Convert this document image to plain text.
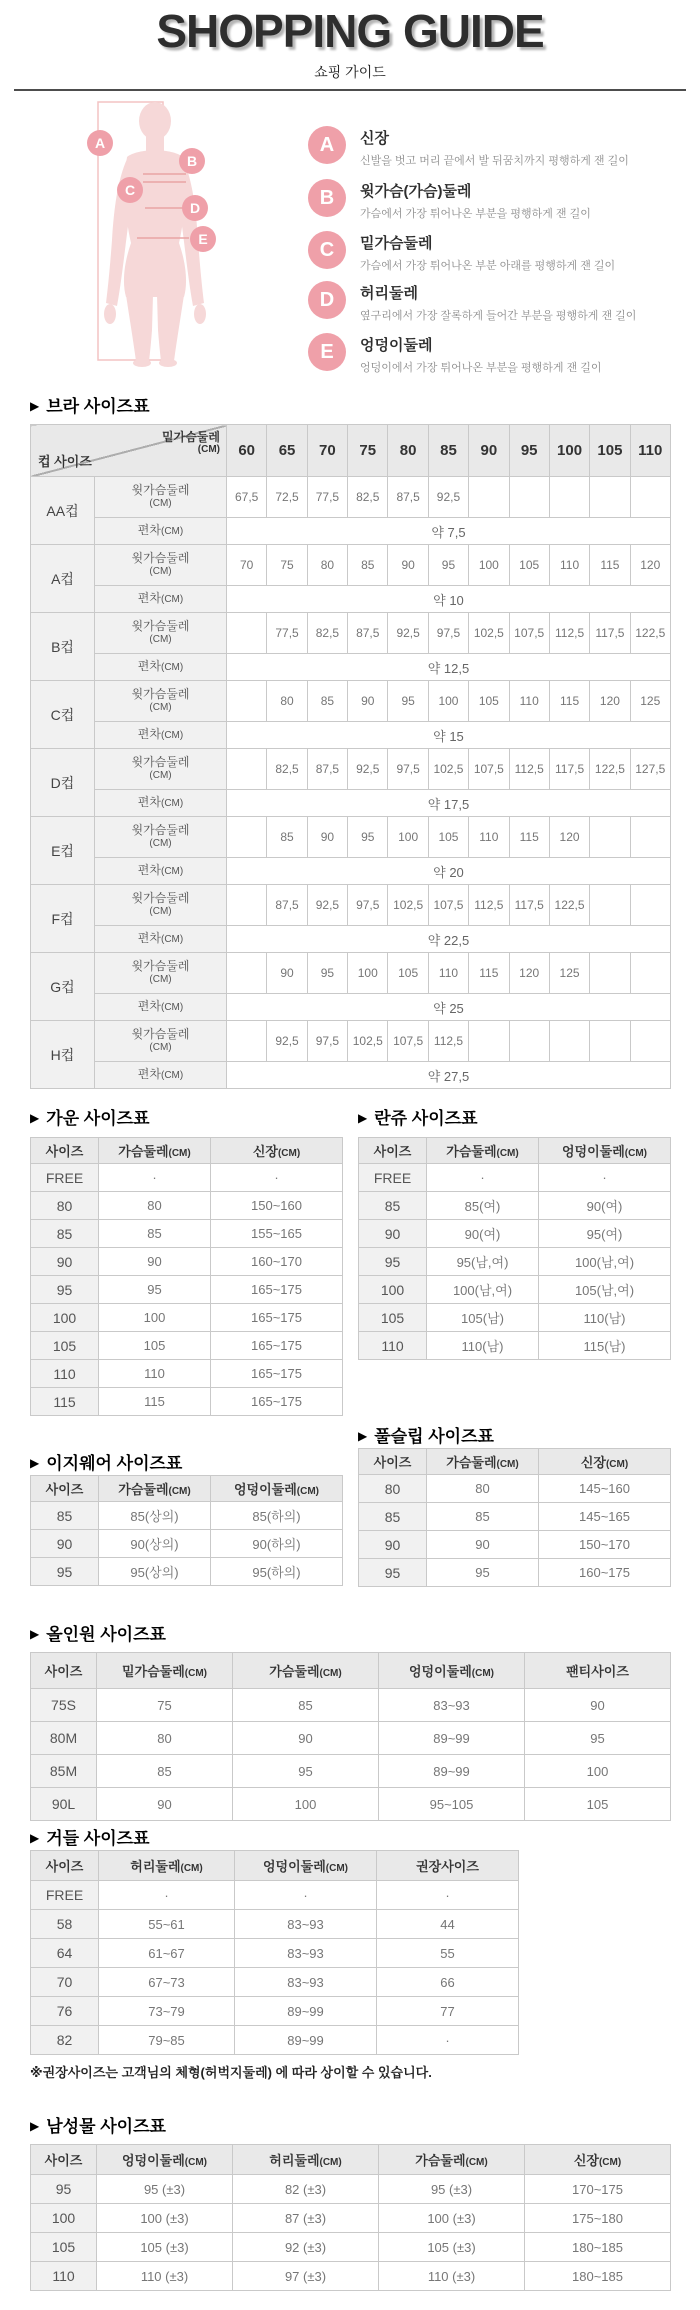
SHOPPING GUIDE
쇼핑 가이드
A
B
C
D
E
A	신장
신발을 벗고 머리 끝에서 발 뒤꿈치까지 평행하게 잰 길이
B	윗가슴(가슴)둘레
가슴에서 가장 튀어나온 부분을 평행하게 잰 길이
C	밑가슴둘레
가슴에서 가장 튀어나온 부분 아래를 평행하게 잰 길이
D	허리둘레
옆구리에서 가장 잘록하게 들어간 부분을 평행하게 잰 길이
E	엉덩이둘레
엉덩이에서 가장 튀어나온 부분을 평행하게 잰 길이
▶ 브라 사이즈표
밑가슴둘레
(CM)
컵 사이즈		60	65	70	75	80	85	90	95	100	105	110
AA컵	윗가슴둘레
(CM)	67,5	72,5	77,5	82,5	87,5	92,5					
	편차(CM)	약 7,5										
A컵	윗가슴둘레
(CM)	70	75	80	85	90	95	100	105	110	115	120
	편차(CM)	약 10										
B컵	윗가슴둘레
(CM)		77,5	82,5	87,5	92,5	97,5	102,5	107,5	112,5	117,5	122,5
	편차(CM)	약 12,5										
C컵	윗가슴둘레
(CM)		80	85	90	95	100	105	110	115	120	125
	편차(CM)	약 15										
D컵	윗가슴둘레
(CM)		82,5	87,5	92,5	97,5	102,5	107,5	112,5	117,5	122,5	127,5
	편차(CM)	약 17,5										
E컵	윗가슴둘레
(CM)		85	90	95	100	105	110	115	120		
	편차(CM)	약 20										
F컵	윗가슴둘레
(CM)		87,5	92,5	97,5	102,5	107,5	112,5	117,5	122,5		
	편차(CM)	약 22,5										
G컵	윗가슴둘레
(CM)		90	95	100	105	110	115	120	125		
	편차(CM)	약 25										
H컵	윗가슴둘레
(CM)		92,5	97,5	102,5	107,5	112,5					
	편차(CM)	약 27,5										
▶ 가운 사이즈표
사이즈	가슴둘레(CM)	신장(CM)
FREE	·	·
80	80	150~160
85	85	155~165
90	90	160~170
95	95	165~175
100	100	165~175
105	105	165~175
110	110	165~175
115	115	165~175
▶ 란쥬 사이즈표
사이즈	가슴둘레(CM)	엉덩이둘레(CM)
FREE	·	·
85	85(여)	90(여)
90	90(여)	95(여)
95	95(남,여)	100(남,여)
100	100(남,여)	105(남,여)
105	105(남)	110(남)
110	110(남)	115(남)
▶ 풀슬립 사이즈표
사이즈	가슴둘레(CM)	신장(CM)
80	80	145~160
85	85	145~165
90	90	150~170
95	95	160~175
▶ 이지웨어 사이즈표
사이즈	가슴둘레(CM)	엉덩이둘레(CM)
85	85(상의)	85(하의)
90	90(상의)	90(하의)
95	95(상의)	95(하의)
▶ 올인원 사이즈표
사이즈	밑가슴둘레(CM)	가슴둘레(CM)	엉덩이둘레(CM)	팬티사이즈
75S	75	85	83~93	90
80M	80	90	89~99	95
85M	85	95	89~99	100
90L	90	100	95~105	105
▶ 거들 사이즈표
사이즈	허리둘레(CM)	엉덩이둘레(CM)	권장사이즈
FREE	·	·	·
58	55~61	83~93	44
64	61~67	83~93	55
70	67~73	83~93	66
76	73~79	89~99	77
82	79~85	89~99	·
※권장사이즈는 고객님의 체형(허벅지둘레) 에 따라 상이할 수 있습니다.
▶ 남성물 사이즈표
사이즈	엉덩이둘레(CM)	허리둘레(CM)	가슴둘레(CM)	신장(CM)
95	95 (±3)	82 (±3)	95 (±3)	170~175
100	100 (±3)	87 (±3)	100 (±3)	175~180
105	105 (±3)	92 (±3)	105 (±3)	180~185
110	110 (±3)	97 (±3)	110 (±3)	180~185
